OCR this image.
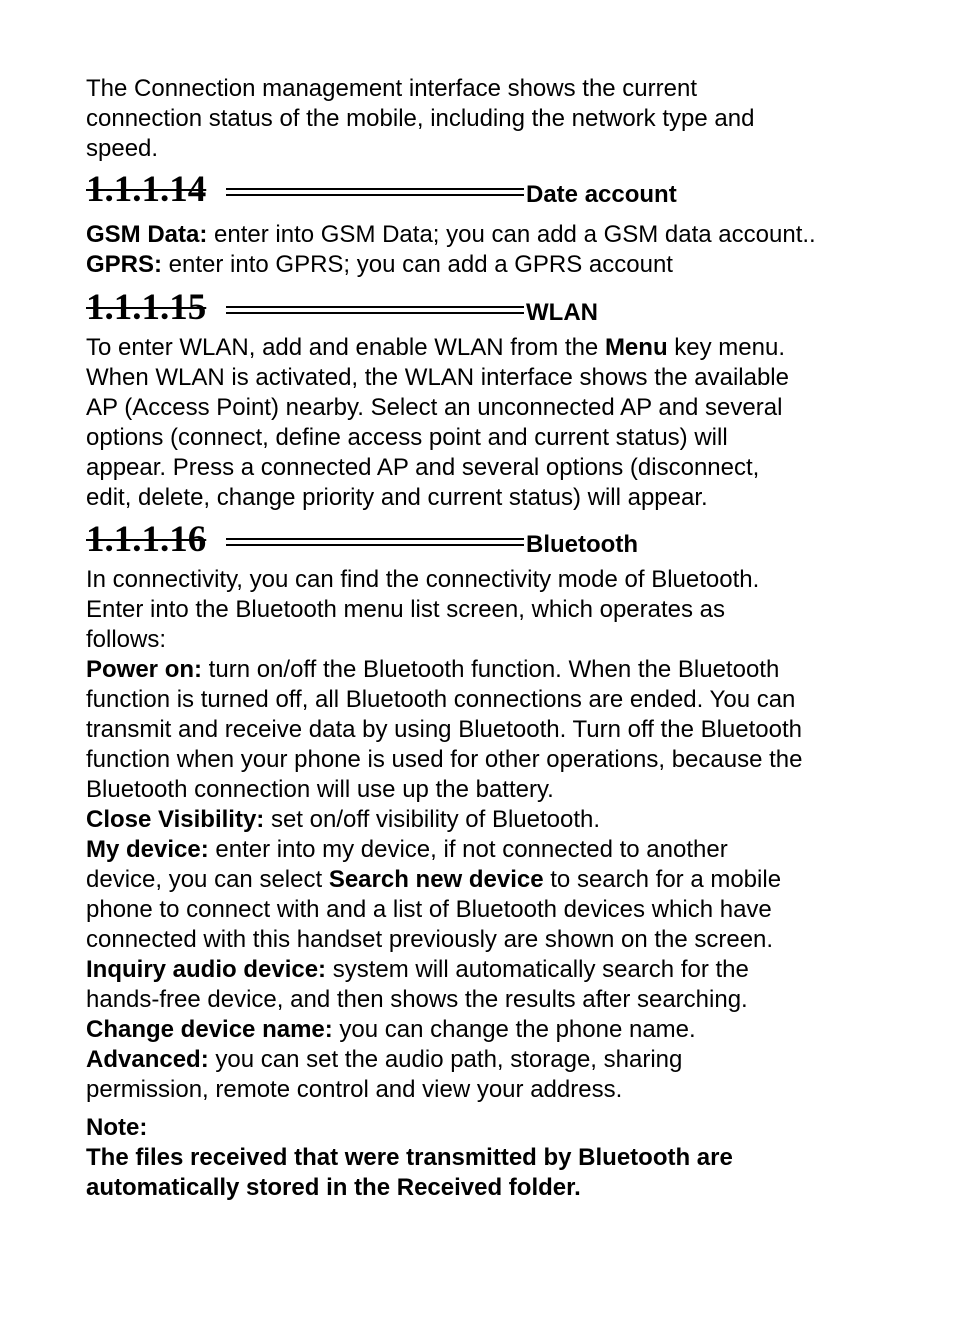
The Connection management interface shows the current

connection status of the mobile, including the network type and

speed.

1.1.1.14	Date account

GSM Data: enter into GSM Data; you can add a GSM data account..

GPRS: enter into GPRS; you can add a GPRS account

1.1.1.15	WLAN

To enter WLAN, add and enable WLAN from the Menu key menu.

When WLAN is activated, the WLAN interface shows the available

AP (Access Point) nearby. Select an unconnected AP and several

options (connect, define access point and current status) will

appear. Press a connected AP and several options (disconnect,

edit, delete, change priority and current status) will appear.

1.1.1.16	Bluetooth

In connectivity, you can find the connectivity mode of Bluetooth.

Enter into the Bluetooth menu list screen, which operates as

follows:

Power on: turn on/off the Bluetooth function. When the Bluetooth

function is turned off, all Bluetooth connections are ended. You can

transmit and receive data by using Bluetooth. Turn off the Bluetooth

function when your phone is used for other operations, because the

Bluetooth connection will use up the battery.

Close Visibility: set on/off visibility of Bluetooth.

My device: enter into my device, if not connected to another

device, you can select Search new device to search for a mobile

phone to connect with and a list of Bluetooth devices which have

connected with this handset previously are shown on the screen.

Inquiry audio device: system will automatically search for the

hands-free device, and then shows the results after searching.

Change device name: you can change the phone name.

Advanced: you can set the audio path, storage, sharing

permission, remote control and view your address.

Note:

The files received that were transmitted by Bluetooth are

automatically stored in the Received folder.
